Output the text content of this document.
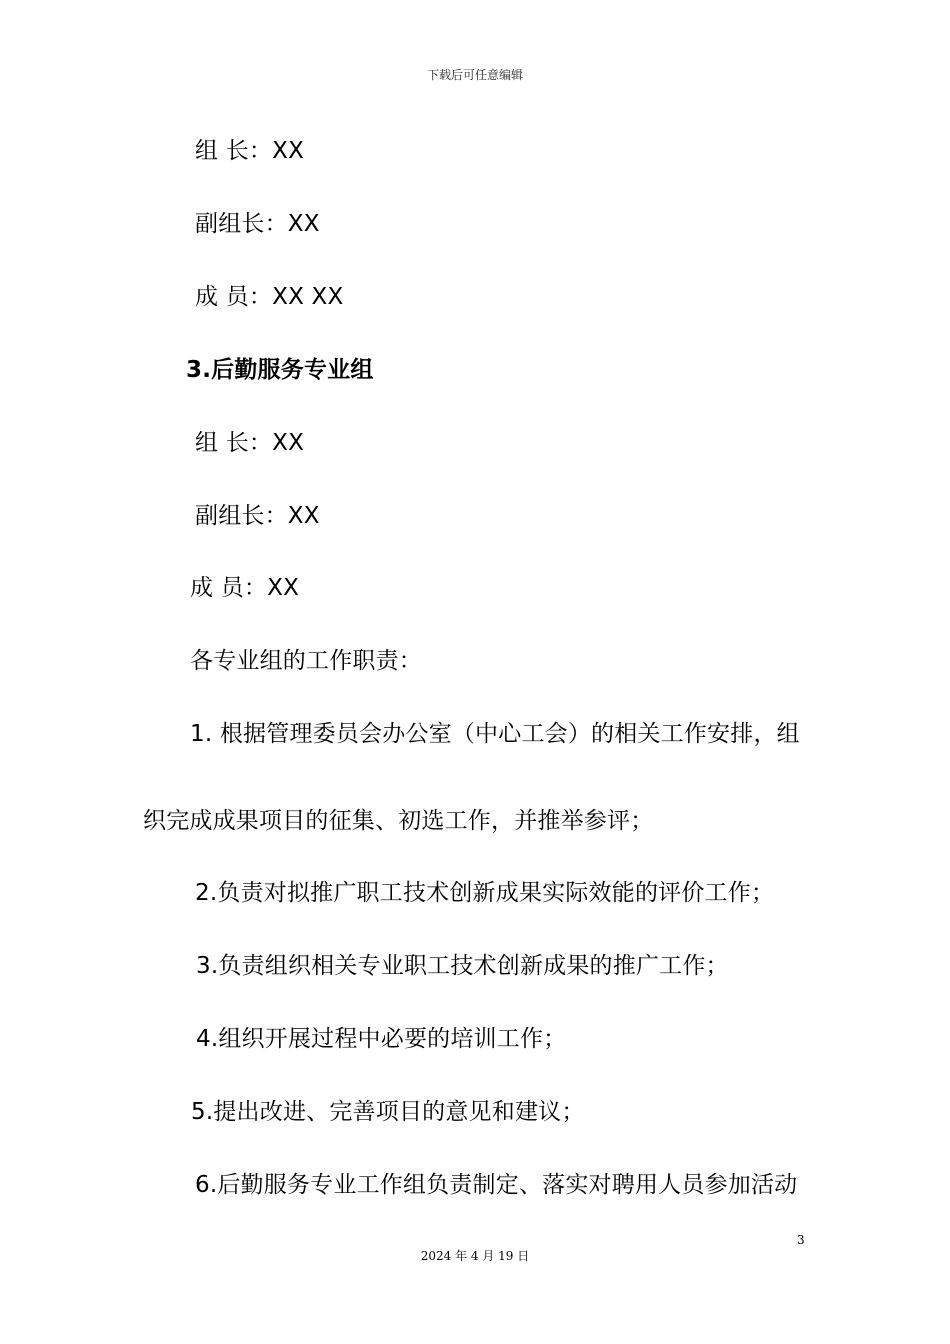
下载后可任意编辑
组 长：XX
副组长：XX
成 员：XX XX
3.后勤服务专业组
组 长：XX
副组长：XX
成 员：XX
各专业组的工作职责：
1. 根据管理委员会办公室（中心工会）的相关工作安排，组
织完成成果项目的征集、初选工作，并推举参评；
2.负责对拟推广职工技术创新成果实际效能的评价工作；
3.负责组织相关专业职工技术创新成果的推广工作；
4.组织开展过程中必要的培训工作；
5.提出改进、完善项目的意见和建议；
6.后勤服务专业工作组负责制定、落实对聘用人员参加活动
3
2024 年 4 月 19 日
